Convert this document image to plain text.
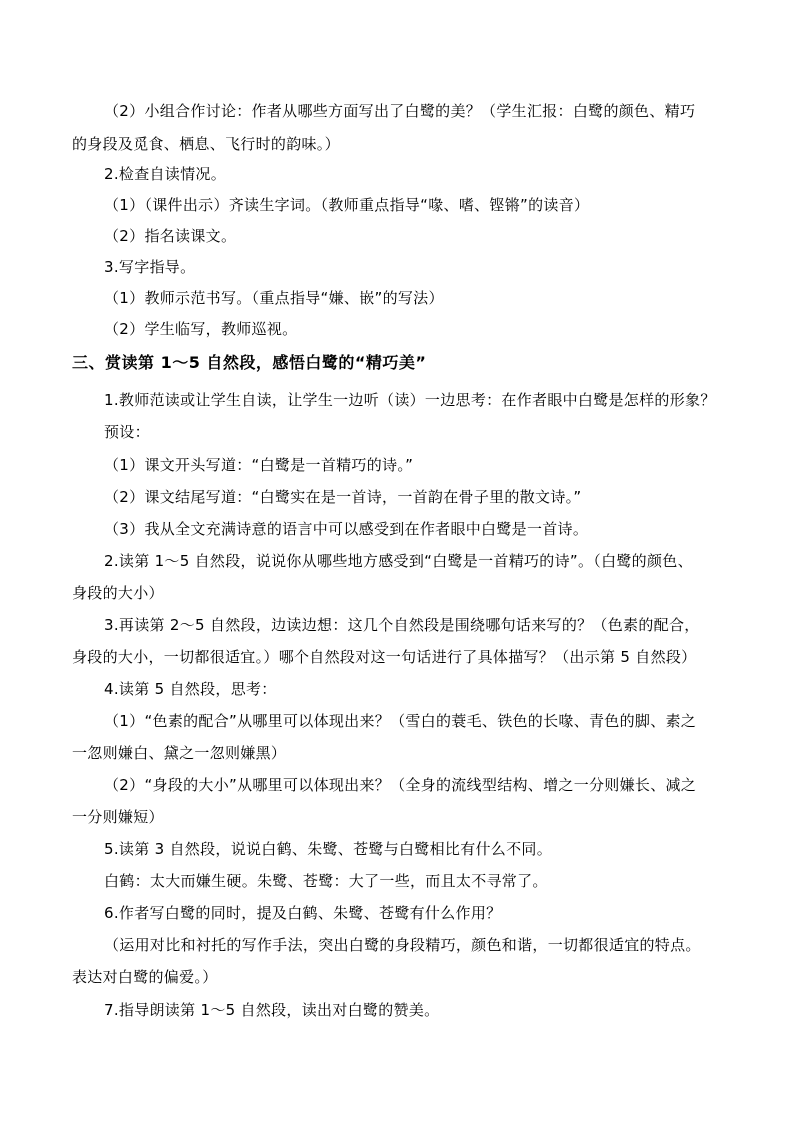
（2）小组合作讨论：作者从哪些方面写出了白鹭的美？（学生汇报：白鹭的颜色、精巧
的身段及觅食、栖息、飞行时的韵味。）
2.检查自读情况。
（1）（课件出示）齐读生字词。（教师重点指导“喙、嗜、铿锵”的读音）
（2）指名读课文。
3.写字指导。
（1）教师示范书写。（重点指导“嫌、嵌”的写法）
（2）学生临写，教师巡视。
三、赏读第 1～5 自然段，感悟白鹭的“精巧美”
1.教师范读或让学生自读，让学生一边听（读）一边思考：在作者眼中白鹭是怎样的形象？
预设：
（1）课文开头写道：“白鹭是一首精巧的诗。”
（2）课文结尾写道：“白鹭实在是一首诗，一首韵在骨子里的散文诗。”
（3）我从全文充满诗意的语言中可以感受到在作者眼中白鹭是一首诗。
2.读第 1～5 自然段，说说你从哪些地方感受到“白鹭是一首精巧的诗”。（白鹭的颜色、
身段的大小）
3.再读第 2～5 自然段，边读边想：这几个自然段是围绕哪句话来写的？（色素的配合，
身段的大小，一切都很适宜。）哪个自然段对这一句话进行了具体描写？（出示第 5 自然段）
4.读第 5 自然段，思考：
（1）“色素的配合”从哪里可以体现出来？（雪白的蓑毛、铁色的长喙、青色的脚、素之
一忽则嫌白、黛之一忽则嫌黑）
（2）“身段的大小”从哪里可以体现出来？（全身的流线型结构、增之一分则嫌长、减之
一分则嫌短）
5.读第 3 自然段，说说白鹤、朱鹭、苍鹭与白鹭相比有什么不同。
白鹤：太大而嫌生硬。朱鹭、苍鹭：大了一些，而且太不寻常了。
6.作者写白鹭的同时，提及白鹤、朱鹭、苍鹭有什么作用？
（运用对比和衬托的写作手法，突出白鹭的身段精巧，颜色和谐，一切都很适宜的特点。
表达对白鹭的偏爱。）
7.指导朗读第 1～5 自然段，读出对白鹭的赞美。
